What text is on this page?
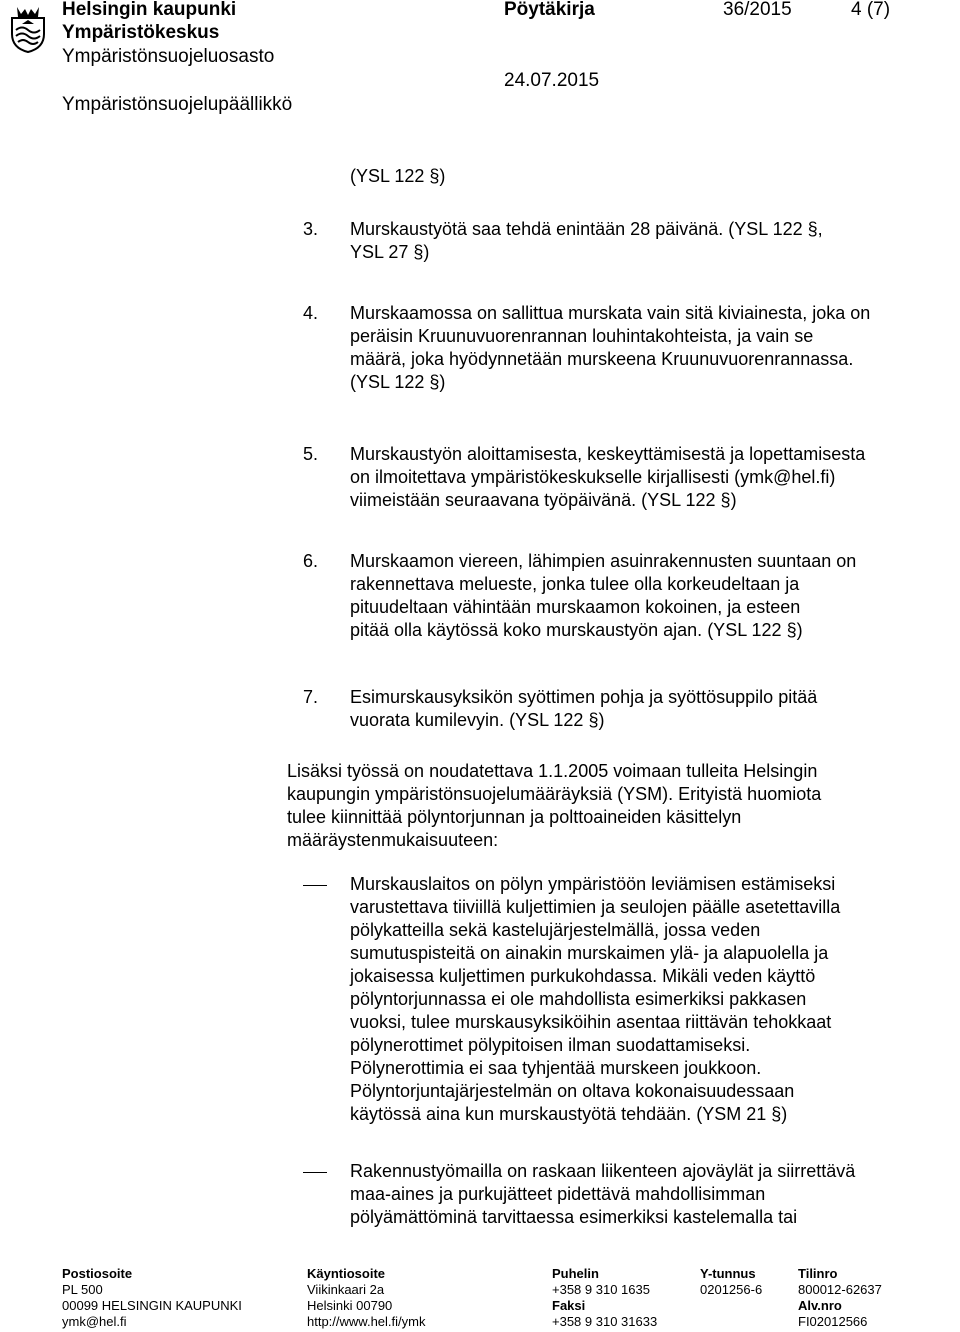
Helsingin kaupunki
Ympäristökeskus
Ympäristönsuojeluosasto
Ympäristönsuojelupäällikkö
Pöytäkirja	36/2015	4 (7)
24.07.2015
(YSL 122 §)
3. Murskaustyötä saa tehdä enintään 28 päivänä. (YSL 122 §,
YSL 27 §)
4. Murskaamossa on sallittua murskata vain sitä kiviainesta, joka on
peräisin Kruunuvuorenrannan louhintakohteista, ja vain se
määrä, joka hyödynnetään murskeena Kruunuvuorenrannassa.
(YSL 122 §)
5. Murskaustyön aloittamisesta, keskeyttämisestä ja lopettamisesta
on ilmoitettava ympäristökeskukselle kirjallisesti (ymk@hel.fi)
viimeistään seuraavana työpäivänä. (YSL 122 §)
6. Murskaamon viereen, lähimpien asuinrakennusten suuntaan on
rakennettava melueste, jonka tulee olla korkeudeltaan ja
pituudeltaan vähintään murskaamon kokoinen, ja esteen
pitää olla käytössä koko murskaustyön ajan. (YSL 122 §)
7. Esimurskausyksikön syöttimen pohja ja syöttösuppilo pitää
vuorata kumilevyin. (YSL 122 §)
Lisäksi työssä on noudatettava 1.1.2005 voimaan tulleita Helsingin
kaupungin ympäristönsuojelumääräyksiä (YSM). Erityistä huomiota
tulee kiinnittää pölyntorjunnan ja polttoaineiden käsittelyn
määräystenmukaisuuteen:
Murskauslaitos on pölyn ympäristöön leviämisen estämiseksi
varustettava tiiviillä kuljettimien ja seulojen päälle asetettavilla
pölykatteilla sekä kastelujärjestelmällä, jossa veden
sumutuspisteitä on ainakin murskaimen ylä- ja alapuolella ja
jokaisessa kuljettimen purkukohdassa. Mikäli veden käyttö
pölyntorjunnassa ei ole mahdollista esimerkiksi pakkasen
vuoksi, tulee murskausyksiköihin asentaa riittävän tehokkaat
pölynerottimet pölypitoisen ilman suodattamiseksi.
Pölynerottimia ei saa tyhjentää murskeen joukkoon.
Pölyntorjuntajärjestelmän on oltava kokonaisuudessaan
käytössä aina kun murskaustyötä tehdään. (YSM 21 §)
Rakennustyömailla on raskaan liikenteen ajoväylät ja siirrettävä
maa-aines ja purkujätteet pidettävä mahdollisimman
pölyämättöminä tarvittaessa esimerkiksi kastelemalla tai
Postiosoite
PL 500
00099 HELSINGIN KAUPUNKI
ymk@hel.fi
Käyntiosoite
Viikinkaari 2a
Helsinki 00790
http://www.hel.fi/ymk
Puhelin
+358 9 310 1635
Faksi
+358 9 310 31633
Y-tunnus
0201256-6
Tilinro
800012-62637
Alv.nro
FI02012566
